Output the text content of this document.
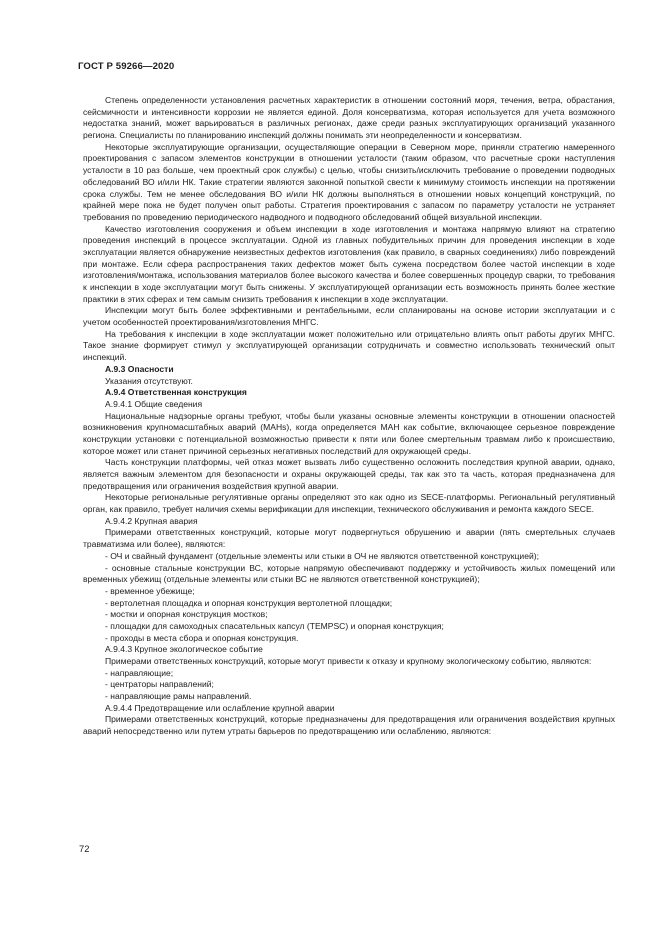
ГОСТ Р 59266—2020

Степень определенности установления расчетных характеристик в отношении состояний моря, течения, ветра, обрастания, сейсмичности и интенсивности коррозии не является единой. Доля консерватизма, которая используется для учета возможного недостатка знаний, может варьироваться в различных регионах, даже среди разных эксплуатирующих организаций указанного региона. Специалисты по планированию инспекций должны понимать эти неопределенности и консерватизм.

Некоторые эксплуатирующие организации, осуществляющие операции в Северном море, приняли стратегию намеренного проектирования с запасом элементов конструкции в отношении усталости (таким образом, что расчетные сроки наступления усталости в 10 раз больше, чем проектный срок службы) с целью, чтобы снизить/исключить требование о проведении подводных обследований ВО и/или НК. Такие стратегии являются законной попыткой свести к минимуму стоимость инспекции на протяжении срока службы. Тем не менее обследования ВО и/или НК должны выполняться в отношении новых концепций конструкций, по крайней мере пока не будет получен опыт работы. Стратегия проектирования с запасом по параметру усталости не устраняет требования по проведению периодического надводного и подводного обследований общей визуальной инспекции.

Качество изготовления сооружения и объем инспекции в ходе изготовления и монтажа напрямую влияют на стратегию проведения инспекций в процессе эксплуатации. Одной из главных побудительных причин для проведения инспекции в ходе эксплуатации является обнаружение неизвестных дефектов изготовления (как правило, в сварных соединениях) либо повреждений при монтаже. Если сфера распространения таких дефектов может быть сужена посредством более частой инспекции в ходе изготовления/монтажа, использования материалов более высокого качества и более совершенных процедур сварки, то требования к инспекции в ходе эксплуатации могут быть снижены. У эксплуатирующей организации есть возможность принять более жесткие практики в этих сферах и тем самым снизить требования к инспекции в ходе эксплуатации.

Инспекции могут быть более эффективными и рентабельными, если спланированы на основе истории эксплуатации и с учетом особенностей проектирования/изготовления МНГС.

На требования к инспекции в ходе эксплуатации может положительно или отрицательно влиять опыт работы других МНГС. Такое знание формирует стимул у эксплуатирующей организации сотрудничать и совместно использовать технический опыт инспекций.

А.9.3 Опасности

Указания отсутствуют.

А.9.4 Ответственная конструкция

А.9.4.1 Общие сведения

Национальные надзорные органы требуют, чтобы были указаны основные элементы конструкции в отношении опасностей возникновения крупномасштабных аварий (МАНs), когда определяется МАН как событие, включающее серьезное повреждение конструкции установки с потенциальной возможностью привести к пяти или более смертельным травмам либо к происшествию, которое может или станет причиной серьезных негативных последствий для окружающей среды.

Часть конструкции платформы, чей отказ может вызвать либо существенно осложнить последствия крупной аварии, однако, является важным элементом для безопасности и охраны окружающей среды, так как это та часть, которая предназначена для предотвращения или ограничения воздействия крупной аварии.

Некоторые региональные регулятивные органы определяют это как одно из SECE-платформы. Региональный регулятивный орган, как правило, требует наличия схемы верификации для инспекции, технического обслуживания и ремонта каждого SECE.

А.9.4.2 Крупная авария

Примерами ответственных конструкций, которые могут подвергнуться обрушению и аварии (пять смертельных случаев травматизма или более), являются:

- ОЧ и свайный фундамент (отдельные элементы или стыки в ОЧ не являются ответственной конструкцией);

- основные стальные конструкции ВС, которые напрямую обеспечивают поддержку и устойчивость жилых помещений или временных убежищ (отдельные элементы или стыки ВС не являются ответственной конструкцией);

- временное убежище;

- вертолетная площадка и опорная конструкция вертолетной площадки;

- мостки и опорная конструкция мостков;

- площадки для самоходных спасательных капсул (TEMPSC) и опорная конструкция;

- проходы в места сбора и опорная конструкция.

А.9.4.3 Крупное экологическое событие

Примерами ответственных конструкций, которые могут привести к отказу и крупному экологическому событию, являются:

- направляющие;

- центраторы направлений;

- направляющие рамы направлений.

А.9.4.4 Предотвращение или ослабление крупной аварии

Примерами ответственных конструкций, которые предназначены для предотвращения или ограничения воздействия крупных аварий непосредственно или путем утраты барьеров по предотвращению или ослаблению, являются:

72
